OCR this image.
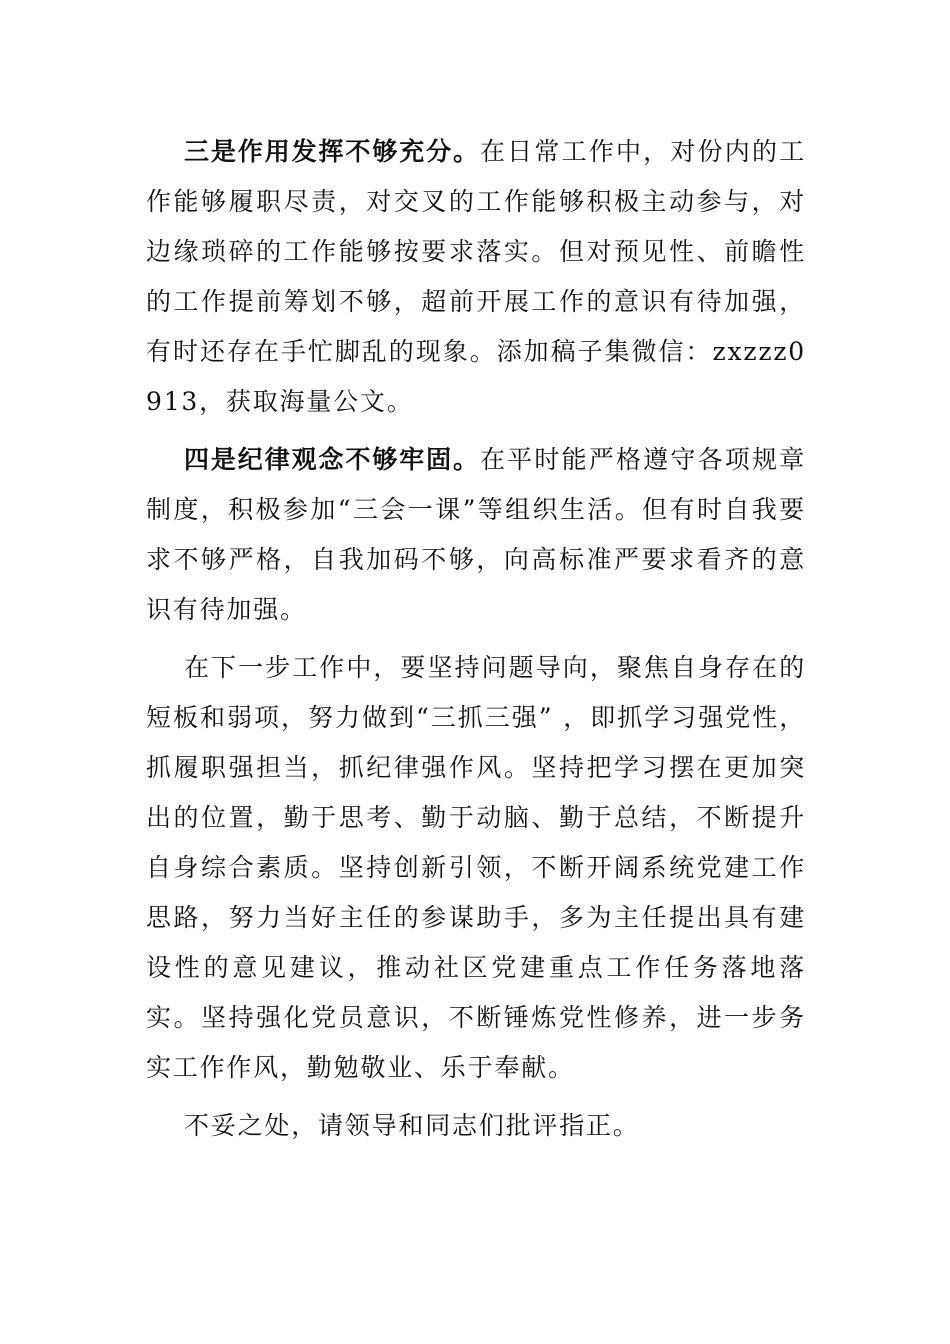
三是作用发挥不够充分。在日常工作中，对份内的工作能够履职尽责，对交叉的工作能够积极主动参与，对边缘琐碎的工作能够按要求落实。但对预见性、前瞻性的工作提前筹划不够，超前开展工作的意识有待加强，有时还存在手忙脚乱的现象。添加稿子集微信：zxzzz0913，获取海量公文。

四是纪律观念不够牢固。在平时能严格遵守各项规章制度，积极参加“三会一课”等组织生活。但有时自我要求不够严格，自我加码不够，向高标准严要求看齐的意识有待加强。

在下一步工作中，要坚持问题导向，聚焦自身存在的短板和弱项，努力做到“三抓三强” ，即抓学习强党性，抓履职强担当，抓纪律强作风。坚持把学习摆在更加突出的位置，勤于思考、勤于动脑、勤于总结，不断提升自身综合素质。坚持创新引领，不断开阔系统党建工作思路，努力当好主任的参谋助手，多为主任提出具有建设性的意见建议，推动社区党建重点工作任务落地落实。坚持强化党员意识，不断锤炼党性修养，进一步务实工作作风，勤勉敬业、乐于奉献。

不妥之处，请领导和同志们批评指正。
